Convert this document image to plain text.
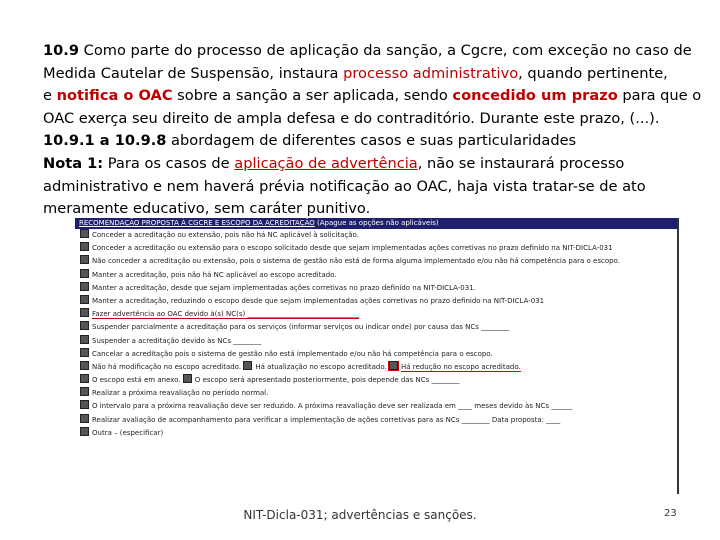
10.9 Como parte do processo de aplicação da sanção, a Cgcre, com exceção no caso de
Medida Cautelar de Suspensão, instaura processo administrativo, quando pertinente,
e notifica o OAC sobre a sanção a ser aplicada, sendo concedido um prazo para que o
OAC exerça seu direito de ampla defesa e do contraditório. Durante este prazo, (...).
10.9.1 a 10.9.8 abordagem de diferentes casos e suas particularidades
Nota 1: Para os casos de aplicação de advertência, não se instaurará processo
administrativo e nem haverá prévia notificação ao OAC, haja vista tratar-se de ato
meramente educativo, sem caráter punitivo.
RECOMENDAÇÃO PROPOSTA À CGCRE E ESCOPO DA ACREDITAÇÃO (Apague as opções não aplicáveis)
Conceder a acreditação ou extensão, pois não há NC aplicável à solicitação.
Conceder a acreditação ou extensão para o escopo solicitado desde que sejam implementadas ações corretivas no prazo definido na NIT-DICLA-031
Não conceder a acreditação ou extensão, pois o sistema de gestão não está de forma alguma implementado e/ou não há competência para o escopo.
Manter a acreditação, pois não há NC aplicável ao escopo acreditado.
Manter a acreditação, desde que sejam implementadas ações corretivas no prazo definido na NIT-DICLA-031.
Manter a acreditação, reduzindo o escopo desde que sejam implementadas ações corretivas no prazo definido na NIT-DICLA-031
Fazer advertência ao OAC devido à(s) NC(s) ________________________________
Suspender parcialmente a acreditação para os serviços (informar serviços ou indicar onde) por causa das NCs ________
Suspender a acreditação devido às NCs ________
Cancelar a acreditação pois o sistema de gestão não está implementado e/ou não há competência para o escopo.
Não há modificação no escopo acreditado. Há atualização no escopo acreditado. Há redução no escopo acreditado.
O escopo está em anexo. O escopo será apresentado posteriormente, pois depende das NCs ________
Realizar a próxima reavaliação no período normal.
O intervalo para a próxima reavaliação deve ser reduzido. A próxima reavaliação deve ser realizada em ____ meses devido às NCs ______
Realizar avaliação de acompanhamento para verificar a implementação de ações corretivas para as NCs ________ Data proposta: ____
Outra – (especificar)
NIT-Dicla-031; advertências e sanções.	23
